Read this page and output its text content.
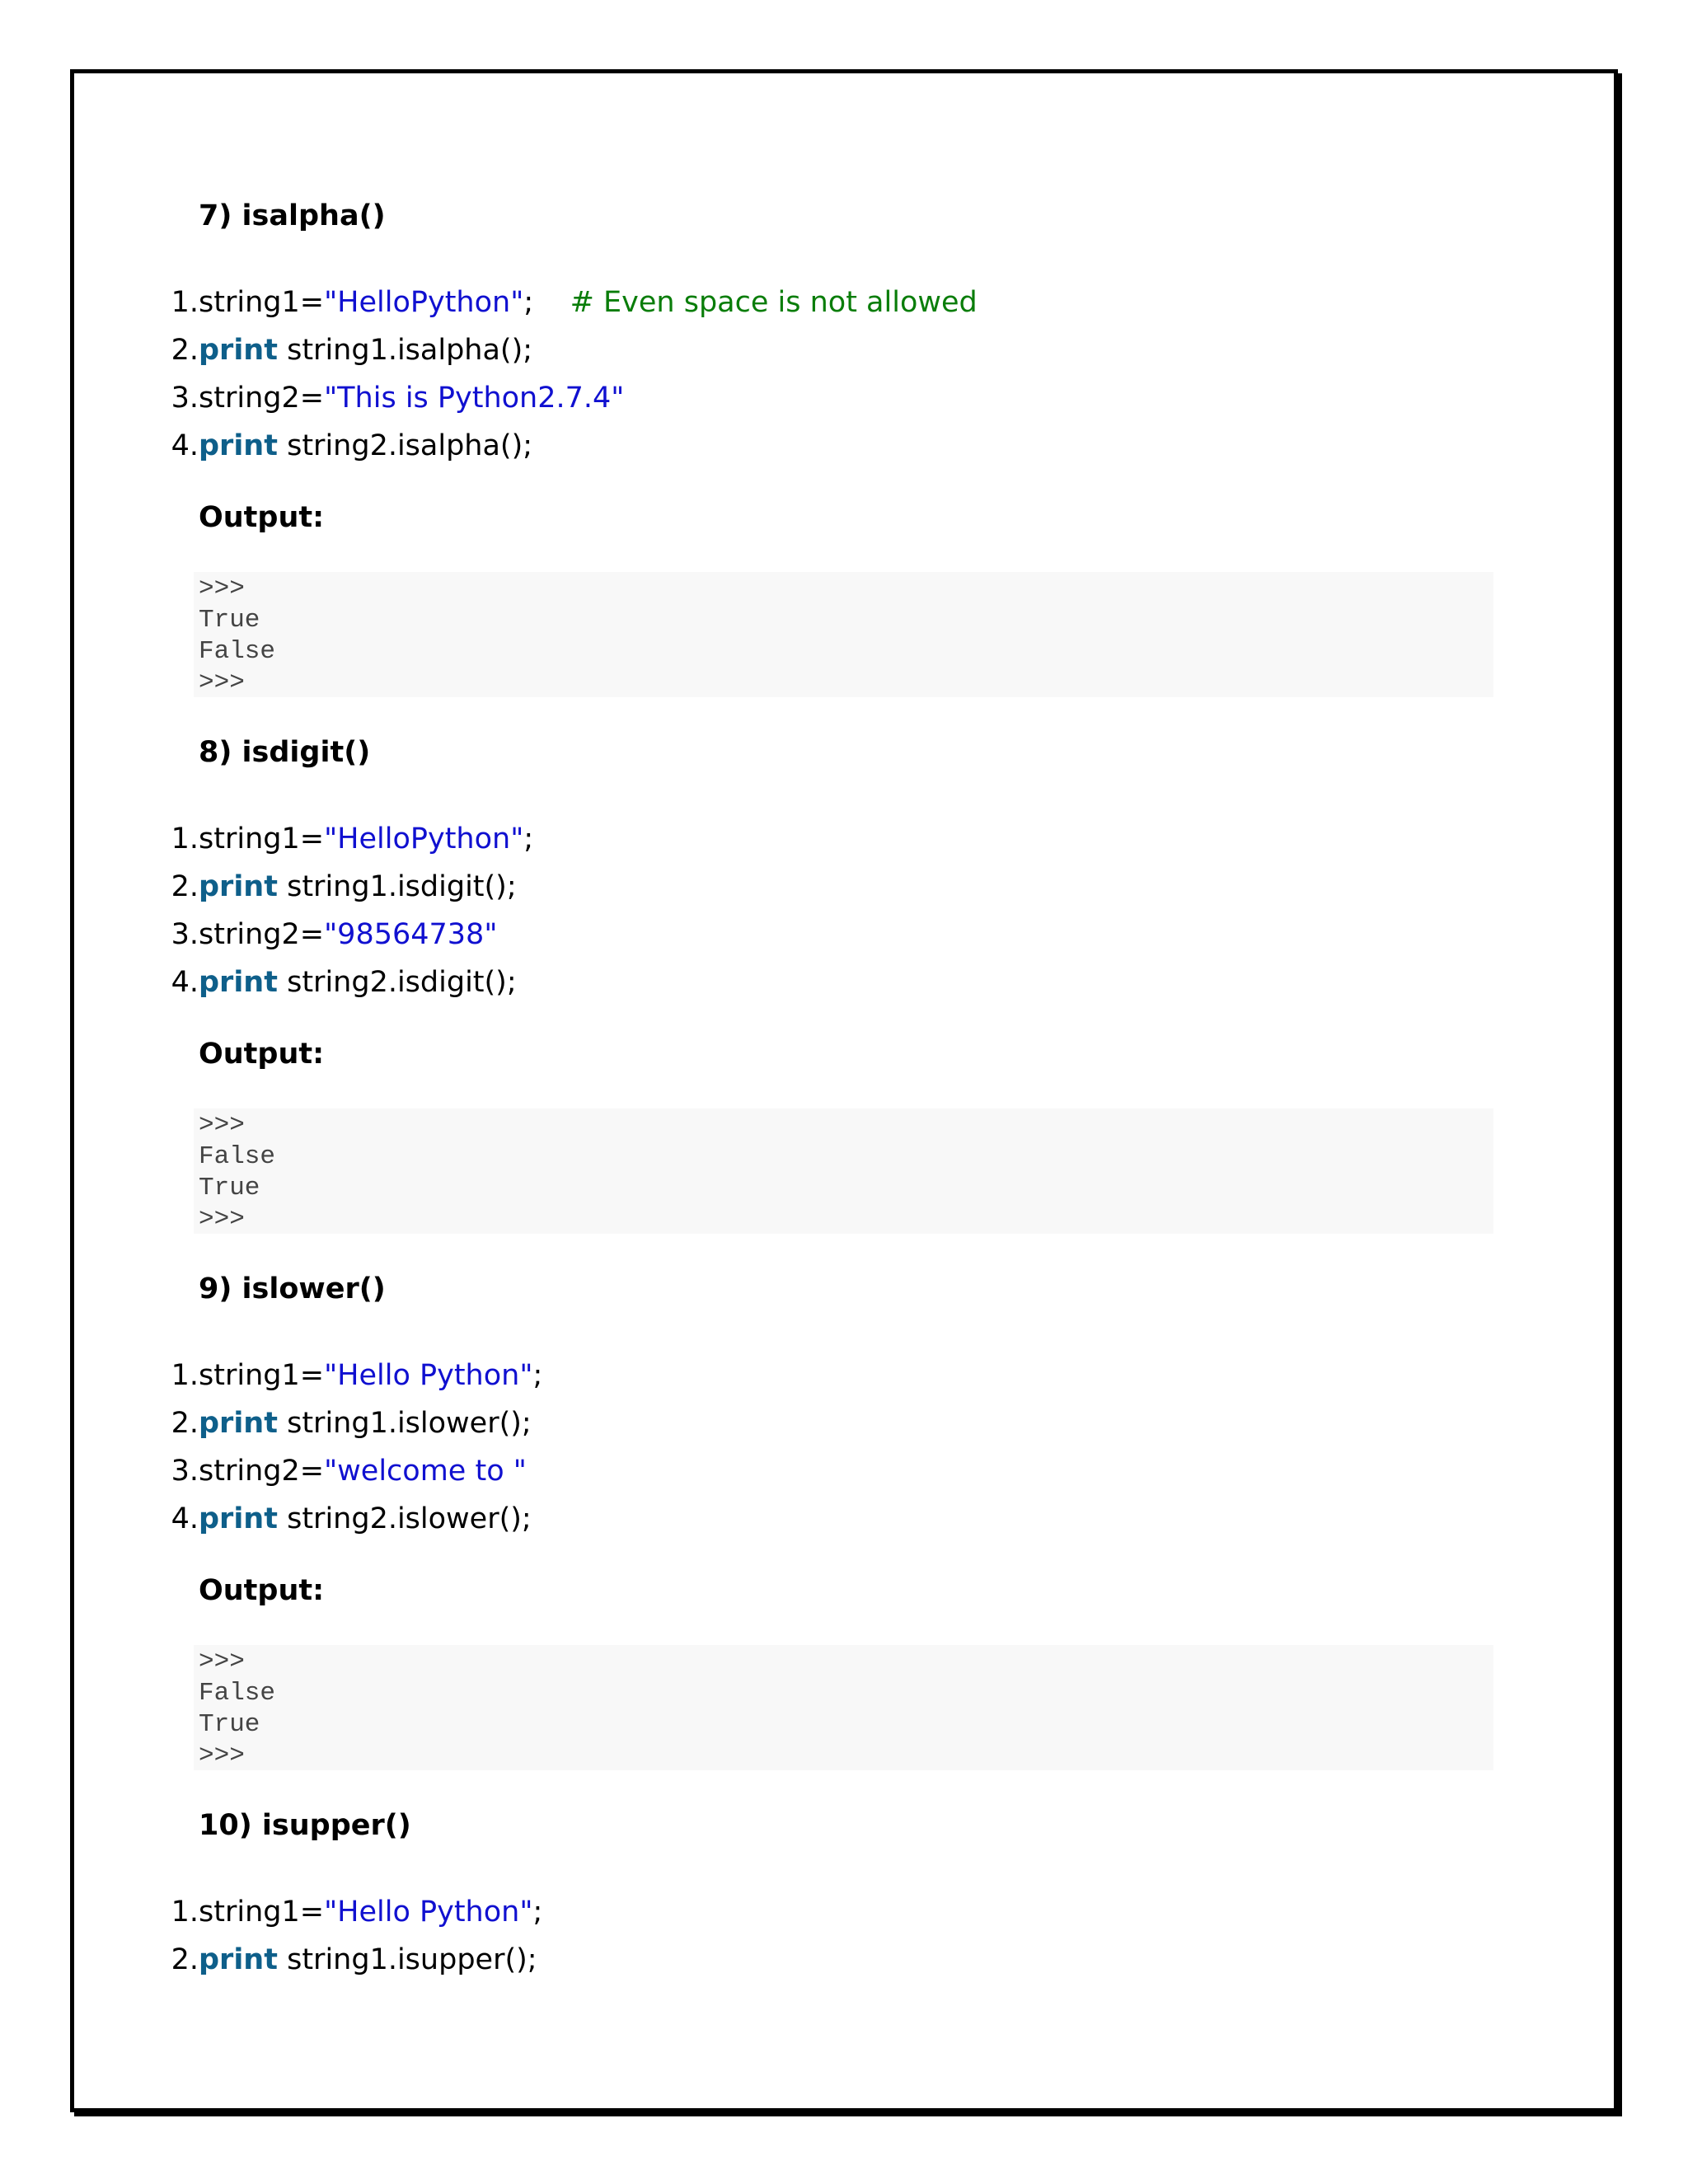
7) isalpha()
1. string1="HelloPython";    # Even space is not allowed
2. print string1.isalpha();
3. string2="This is Python2.7.4"
4. print string2.isalpha();
Output:
>>>
True
False
>>>
8) isdigit()
1. string1="HelloPython";
2. print string1.isdigit();
3. string2="98564738"
4. print string2.isdigit();
Output:
>>>
False
True
>>>
9) islower()
1. string1="Hello Python";
2. print string1.islower();
3. string2="welcome to "
4. print string2.islower();
Output:
>>>
False
True
>>>
10) isupper()
1. string1="Hello Python";
2. print string1.isupper();
